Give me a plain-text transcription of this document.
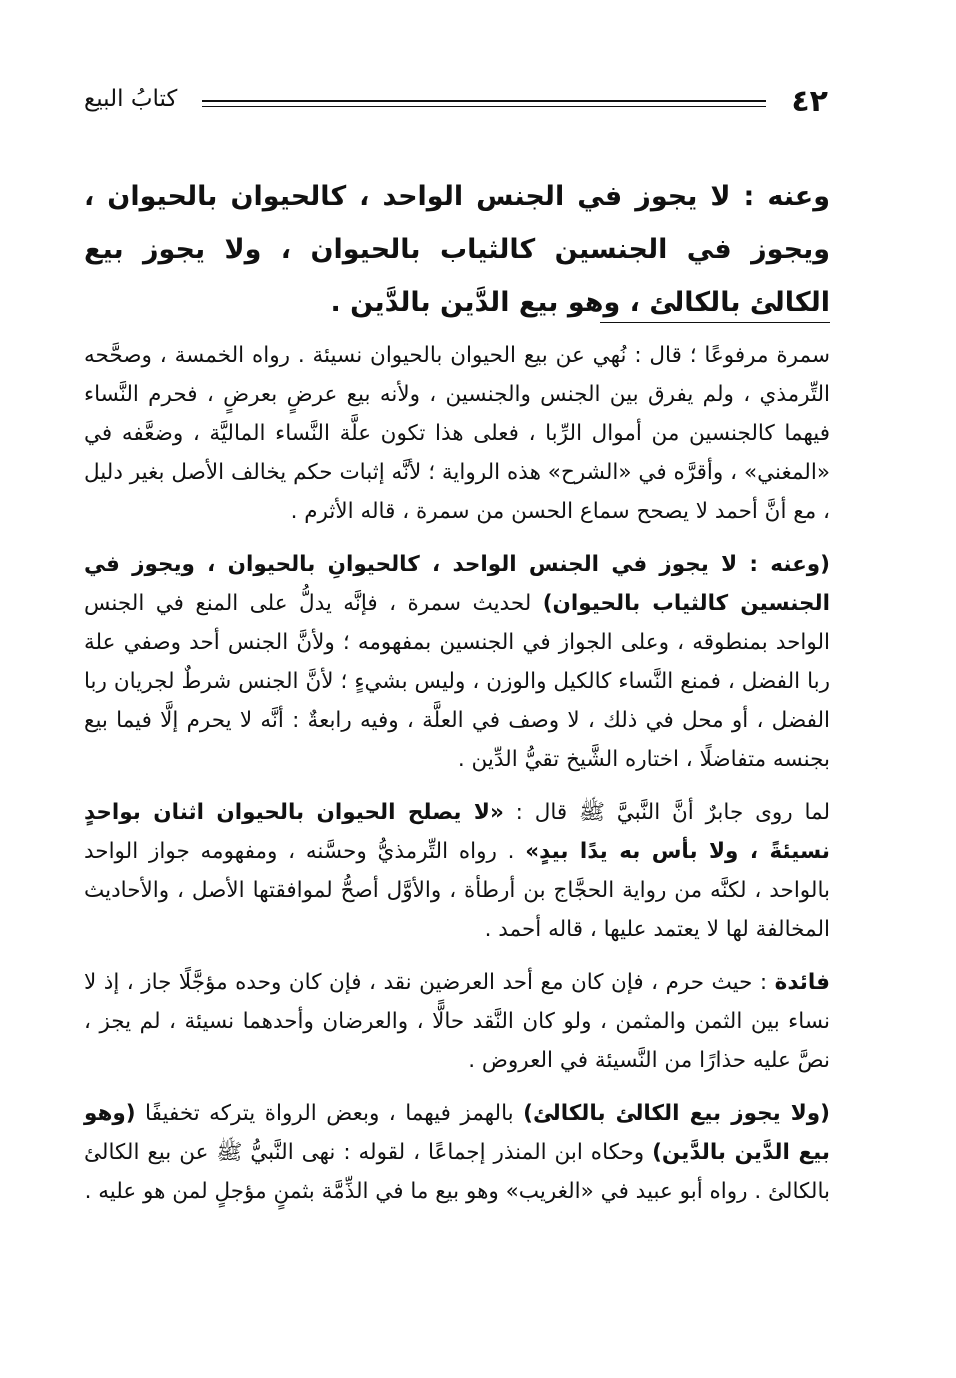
كتابُ البيع	٤٢
وعنه : لا يجوز في الجنس الواحد ، كالحيوان بالحيوان ، ويجوز في الجنسين كالثياب بالحيوان ، ولا يجوز بيع الكالئ بالكالئ ، وهو بيع الدَّين بالدَّين .

سمرة مرفوعًا ؛ قال : نُهي عن بيع الحيوان بالحيوان نسيئة . رواه الخمسة ، وصحَّحه التِّرمذي ، ولم يفرق بين الجنس والجنسين ، ولأنه بيع عرضٍ بعرضٍ ، فحرم النَّساء فيهما كالجنسين من أموال الرِّبا ، فعلى هذا تكون علَّة النَّساء الماليَّة ، وضعَّفه في «المغني» ، وأقرَّه في «الشرح» هذه الرواية ؛ لأنَّه إثبات حكم يخالف الأصل بغير دليل ، مع أنَّ أحمد لا يصحح سماع الحسن من سمرة ، قاله الأثرم .

(وعنه : لا يجوز في الجنس الواحد ، كالحيوانِ بالحيوان ، ويجوز في الجنسين كالثياب بالحيوان) لحديث سمرة ، فإنَّه يدلُّ على المنع في الجنس الواحد بمنطوقه ، وعلى الجواز في الجنسين بمفهومه ؛ ولأنَّ الجنس أحد وصفي علة ربا الفضل ، فمنع النَّساء كالكيل والوزن ، وليس بشيءٍ ؛ لأنَّ الجنس شرطٌ لجريان ربا الفضل ، أو محل في ذلك ، لا وصف في العلَّة ، وفيه رابعةٌ : أنَّه لا يحرم إلَّا فيما بيع بجنسه متفاضلًا ، اختاره الشَّيخ تقيُّ الدِّين .

لما روى جابرٌ أنَّ النَّبيَّ ﷺ قال : «لا يصلح الحيوان بالحيوان اثنان بواحدٍ نسيئةً ، ولا بأس به يدًا بيدٍ» . رواه التِّرمذيُّ وحسَّنه ، ومفهومه جواز الواحد بالواحد ، لكنَّه من رواية الحجَّاج بن أرطأة ، والأوَّل أصحُّ لموافقتها الأصل ، والأحاديث المخالفة لها لا يعتمد عليها ، قاله أحمد .

فائدة : حيث حرم ، فإن كان مع أحد العرضين نقد ، فإن كان وحده مؤجَّلًا جاز ، إذ لا نساء بين الثمن والمثمن ، ولو كان النَّقد حالًّا ، والعرضان وأحدهما نسيئة ، لم يجز ، نصَّ عليه حذارًا من النَّسيئة في العروض .

(ولا يجوز بيع الكالئ بالكالئ) بالهمز فيهما ، وبعض الرواة يتركه تخفيفًا (وهو بيع الدَّين بالدَّين) وحكاه ابن المنذر إجماعًا ، لقوله : نهى النَّبيُّ ﷺ عن بيع الكالئ بالكالئ . رواه أبو عبيد في «الغريب» وهو بيع ما في الذِّمَّة بثمنٍ مؤجلٍ لمن هو عليه .
